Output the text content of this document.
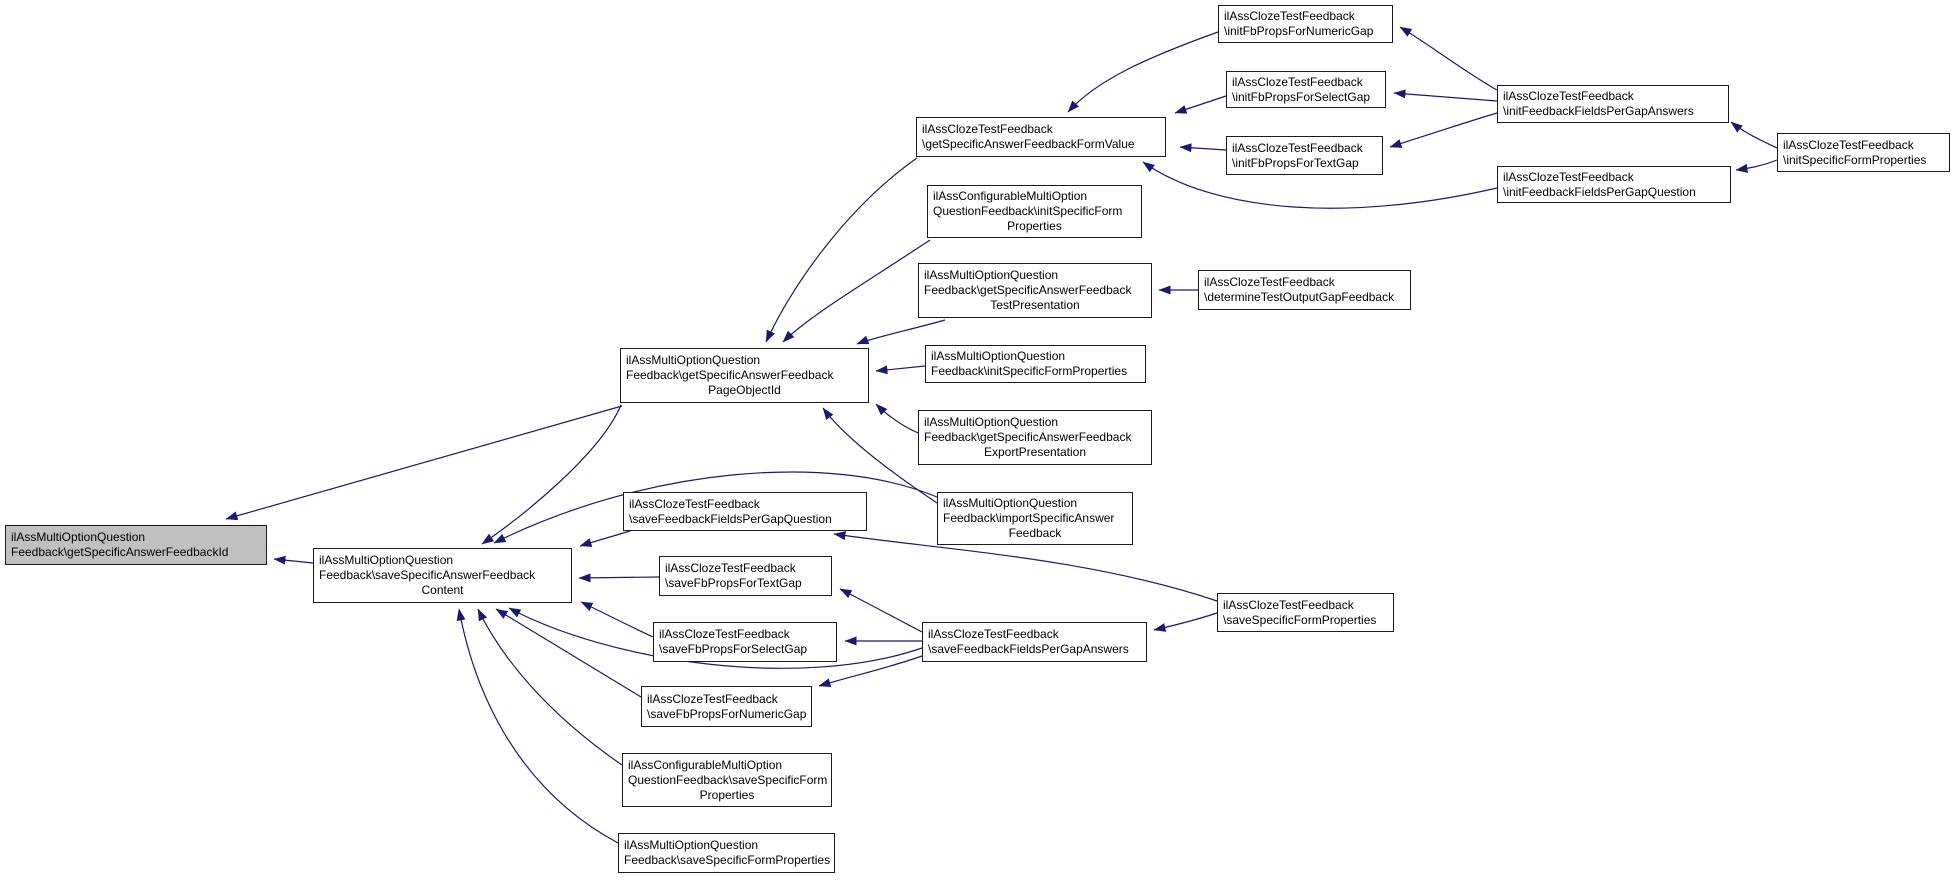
ilAssMultiOptionQuestion
Feedback\getSpecificAnswerFeedbackId
ilAssMultiOptionQuestion
Feedback\saveSpecificAnswerFeedback
Content
ilAssMultiOptionQuestion
Feedback\getSpecificAnswerFeedback
PageObjectId
ilAssClozeTestFeedback
\getSpecificAnswerFeedbackFormValue
ilAssClozeTestFeedback
\initFbPropsForNumericGap
ilAssClozeTestFeedback
\initFbPropsForSelectGap
ilAssClozeTestFeedback
\initFbPropsForTextGap
ilAssClozeTestFeedback
\initFeedbackFieldsPerGapAnswers
ilAssClozeTestFeedback
\initFeedbackFieldsPerGapQuestion
ilAssClozeTestFeedback
\initSpecificFormProperties
ilAssConfigurableMultiOption
QuestionFeedback\initSpecificForm
Properties
ilAssMultiOptionQuestion
Feedback\getSpecificAnswerFeedback
TestPresentation
ilAssClozeTestFeedback
\determineTestOutputGapFeedback
ilAssMultiOptionQuestion
Feedback\initSpecificFormProperties
ilAssMultiOptionQuestion
Feedback\getSpecificAnswerFeedback
ExportPresentation
ilAssMultiOptionQuestion
Feedback\importSpecificAnswer
Feedback
ilAssClozeTestFeedback
\saveFeedbackFieldsPerGapQuestion
ilAssClozeTestFeedback
\saveFbPropsForTextGap
ilAssClozeTestFeedback
\saveFbPropsForSelectGap
ilAssClozeTestFeedback
\saveFbPropsForNumericGap
ilAssConfigurableMultiOption
QuestionFeedback\saveSpecificForm
Properties
ilAssMultiOptionQuestion
Feedback\saveSpecificFormProperties
ilAssClozeTestFeedback
\saveFeedbackFieldsPerGapAnswers
ilAssClozeTestFeedback
\saveSpecificFormProperties
